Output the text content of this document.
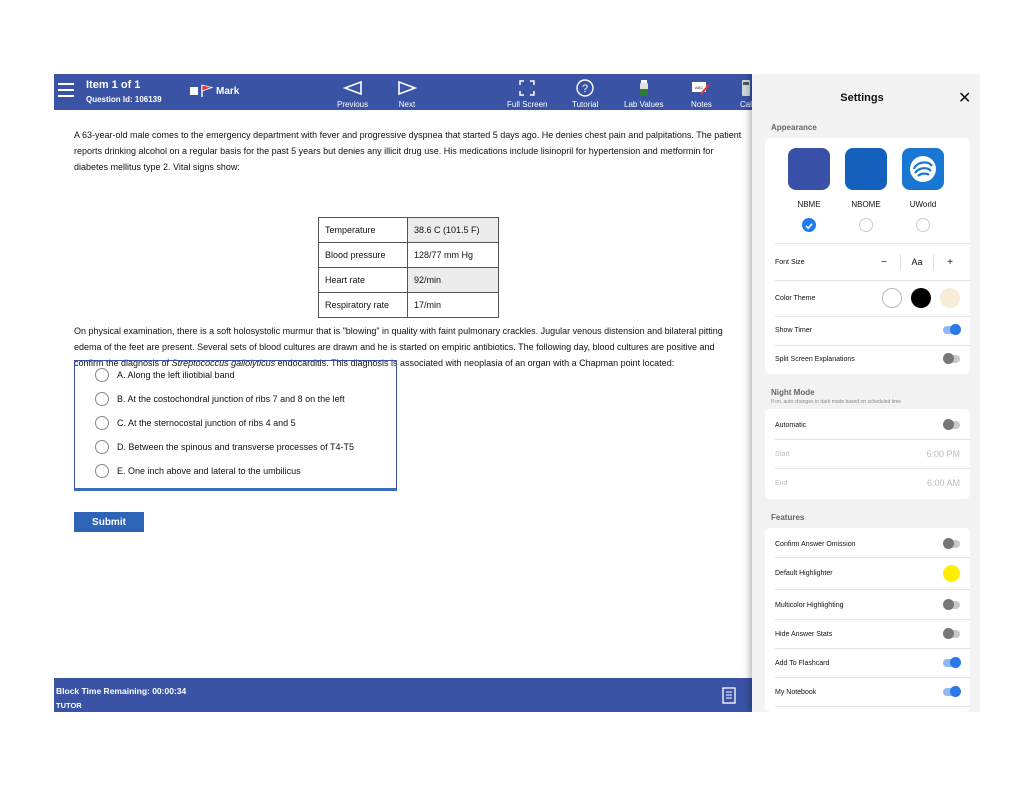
Item 1 of 1
Question Id: 106139
Mark
Previous	Next	Full Screen
?
Tutorial	Lab Values
ABC
Notes	Cal

A 63-year-old male comes to the emergency department with fever and progressive dyspnea that started 5 days ago. He denies chest pain and palpitations. The patient reports drinking alcohol on a regular basis for the past 5 years but denies any illicit drug use. His medications include lisinopril for hypertension and metformin for diabetes mellitus type 2. Vital signs show:

Temperature	38.6 C (101.5 F)
Blood pressure	128/77 mm Hg
Heart rate	92/min
Respiratory rate	17/min

On physical examination, there is a soft holosystolic murmur that is "blowing" in quality with faint pulmonary crackles. Jugular venous distension and bilateral pitting edema of the feet are present. Several sets of blood cultures are drawn and he is started on empiric antibiotics. The following day, blood cultures are positive and confirm the diagnosis of Streptococcus gallolyticus endocarditis. This diagnosis is associated with neoplasia of an organ with a Chapman point located:

A. Along the left iliotibial band
B. At the costochondral junction of ribs 7 and 8 on the left
C. At the sternocostal junction of ribs 4 and 5
D. Between the spinous and transverse processes of T4-T5
E. One inch above and lateral to the umbilicus
Submit
Block Time Remaining: 00:00:34
TUTOR
Settings	✕
Appearance
NBME	NBOME	UWorld
Font Size	−	Aa	+
Color Theme
Show Timer
Split Screen Explanations
Night Mode
If on, auto changes to dark mode based on scheduled time
Automatic
Start	6:00 PM
End	6:00 AM
Features
Confirm Answer Omission
Default Highlighter
Multicolor Highlighting
Hide Answer Stats
Add To Flashcard
My Notebook
